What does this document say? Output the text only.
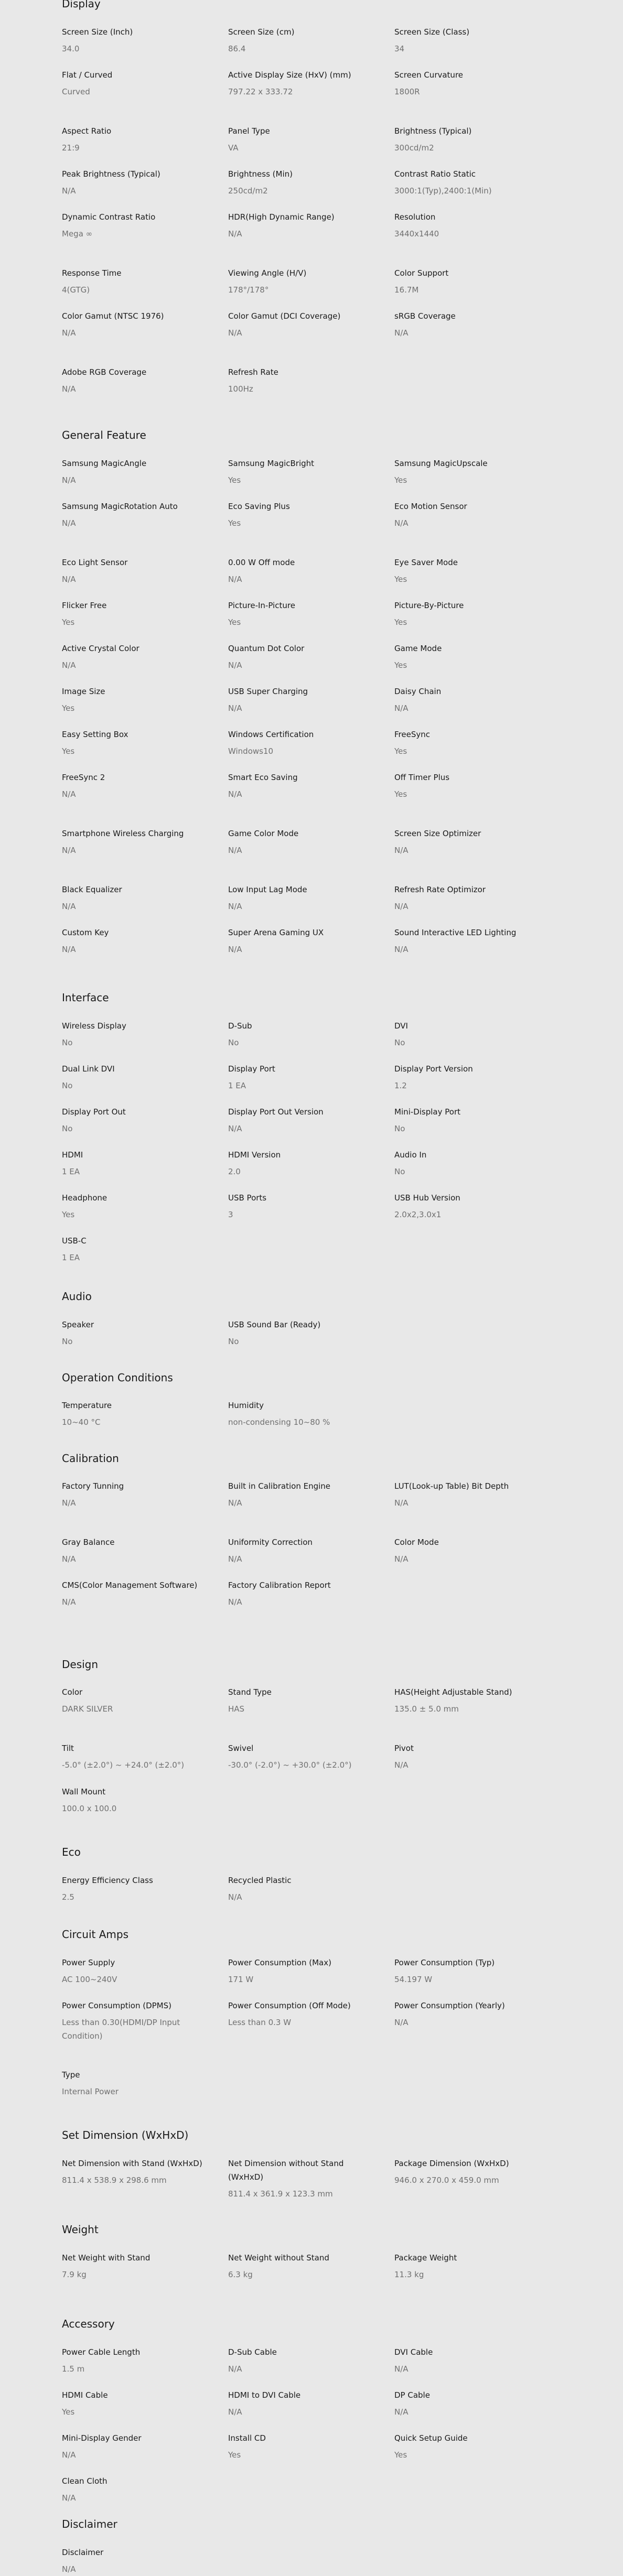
Display
Screen Size (Inch)
34.0
Screen Size (cm)
86.4
Screen Size (Class)
34
Flat / Curved
Curved
Active Display Size (HxV) (mm)
797.22 x 333.72
Screen Curvature
1800R
Aspect Ratio
21:9
Panel Type
VA
Brightness (Typical)
300cd/m2
Peak Brightness (Typical)
N/A
Brightness (Min)
250cd/m2
Contrast Ratio Static
3000:1(Typ),2400:1(Min)
Dynamic Contrast Ratio
Mega ∞
HDR(High Dynamic Range)
N/A
Resolution
3440x1440
Response Time
4(GTG)
Viewing Angle (H/V)
178°/178°
Color Support
16.7M
Color Gamut (NTSC 1976)
N/A
Color Gamut (DCI Coverage)
N/A
sRGB Coverage
N/A
Adobe RGB Coverage
N/A
Refresh Rate
100Hz
General Feature
Samsung MagicAngle
N/A
Samsung MagicBright
Yes
Samsung MagicUpscale
Yes
Samsung MagicRotation Auto
N/A
Eco Saving Plus
Yes
Eco Motion Sensor
N/A
Eco Light Sensor
N/A
0.00 W Off mode
N/A
Eye Saver Mode
Yes
Flicker Free
Yes
Picture-In-Picture
Yes
Picture-By-Picture
Yes
Active Crystal Color
N/A
Quantum Dot Color
N/A
Game Mode
Yes
Image Size
Yes
USB Super Charging
N/A
Daisy Chain
N/A
Easy Setting Box
Yes
Windows Certification
Windows10
FreeSync
Yes
FreeSync 2
N/A
Smart Eco Saving
N/A
Off Timer Plus
Yes
Smartphone Wireless Charging
N/A
Game Color Mode
N/A
Screen Size Optimizer
N/A
Black Equalizer
N/A
Low Input Lag Mode
N/A
Refresh Rate Optimizor
N/A
Custom Key
N/A
Super Arena Gaming UX
N/A
Sound Interactive LED Lighting
N/A
Interface
Wireless Display
No
D-Sub
No
DVI
No
Dual Link DVI
No
Display Port
1 EA
Display Port Version
1.2
Display Port Out
No
Display Port Out Version
N/A
Mini-Display Port
No
HDMI
1 EA
HDMI Version
2.0
Audio In
No
Headphone
Yes
USB Ports
3
USB Hub Version
2.0x2,3.0x1
USB-C
1 EA
Audio
Speaker
No
USB Sound Bar (Ready)
No
Operation Conditions
Temperature
10~40 °C
Humidity
non-condensing 10~80 %
Calibration
Factory Tunning
N/A
Built in Calibration Engine
N/A
LUT(Look-up Table) Bit Depth
N/A
Gray Balance
N/A
Uniformity Correction
N/A
Color Mode
N/A
CMS(Color Management Software)
N/A
Factory Calibration Report
N/A
Design
Color
DARK SILVER
Stand Type
HAS
HAS(Height Adjustable Stand)
135.0 ± 5.0 mm
Tilt
-5.0° (±2.0°) ~ +24.0° (±2.0°)
Swivel
-30.0° (-2.0°) ~ +30.0° (±2.0°)
Pivot
N/A
Wall Mount
100.0 x 100.0
Eco
Energy Efficiency Class
2.5
Recycled Plastic
N/A
Circuit Amps
Power Supply
AC 100~240V
Power Consumption (Max)
171 W
Power Consumption (Typ)
54.197 W
Power Consumption (DPMS)
Less than 0.30(HDMI/DP Input Condition)
Power Consumption (Off Mode)
Less than 0.3 W
Power Consumption (Yearly)
N/A
Type
Internal Power
Set Dimension (WxHxD)
Net Dimension with Stand (WxHxD)
811.4 x 538.9 x 298.6 mm
Net Dimension without Stand (WxHxD)
811.4 x 361.9 x 123.3 mm
Package Dimension (WxHxD)
946.0 x 270.0 x 459.0 mm
Weight
Net Weight with Stand
7.9 kg
Net Weight without Stand
6.3 kg
Package Weight
11.3 kg
Accessory
Power Cable Length
1.5 m
D-Sub Cable
N/A
DVI Cable
N/A
HDMI Cable
Yes
HDMI to DVI Cable
N/A
DP Cable
N/A
Mini-Display Gender
N/A
Install CD
Yes
Quick Setup Guide
Yes
Clean Cloth
N/A
Disclaimer
Disclaimer
N/A
